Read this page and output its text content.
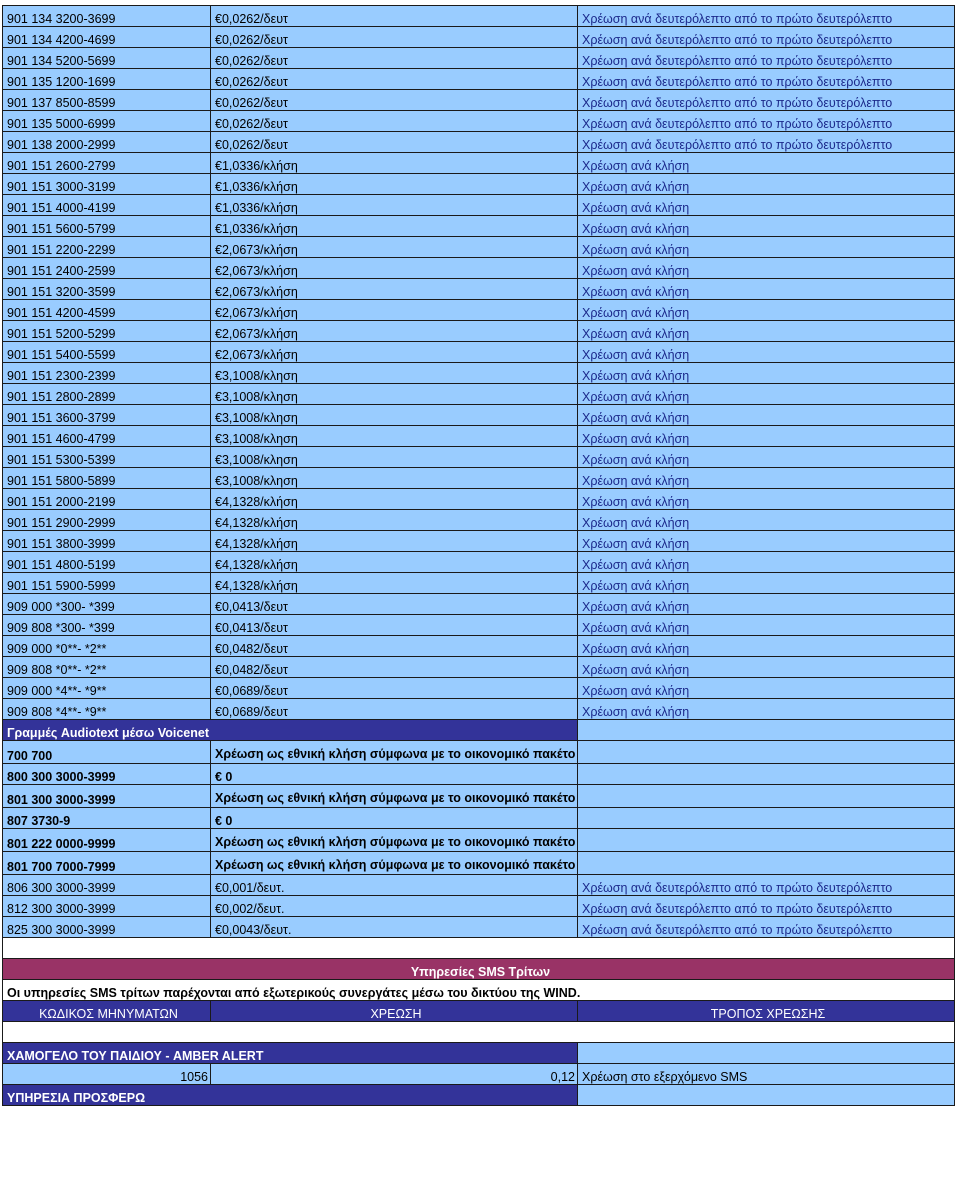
901 134 3200-3699	€0,0262/δευτ	Χρέωση ανά δευτερόλεπτο από το πρώτο δευτερόλεπτο
901 134 4200-4699	€0,0262/δευτ	Χρέωση ανά δευτερόλεπτο από το πρώτο δευτερόλεπτο
901 134 5200-5699	€0,0262/δευτ	Χρέωση ανά δευτερόλεπτο από το πρώτο δευτερόλεπτο
901 135 1200-1699	€0,0262/δευτ	Χρέωση ανά δευτερόλεπτο από το πρώτο δευτερόλεπτο
901 137 8500-8599	€0,0262/δευτ	Χρέωση ανά δευτερόλεπτο από το πρώτο δευτερόλεπτο
901 135 5000-6999	€0,0262/δευτ	Χρέωση ανά δευτερόλεπτο από το πρώτο δευτερόλεπτο
901 138 2000-2999	€0,0262/δευτ	Χρέωση ανά δευτερόλεπτο από το πρώτο δευτερόλεπτο
901 151 2600-2799	€1,0336/κλήση	Χρέωση ανά κλήση
901 151 3000-3199	€1,0336/κλήση	Χρέωση ανά κλήση
901 151 4000-4199	€1,0336/κλήση	Χρέωση ανά κλήση
901 151 5600-5799	€1,0336/κλήση	Χρέωση ανά κλήση
901 151 2200-2299	€2,0673/κλήση	Χρέωση ανά κλήση
901 151 2400-2599	€2,0673/κλήση	Χρέωση ανά κλήση
901 151 3200-3599	€2,0673/κλήση	Χρέωση ανά κλήση
901 151 4200-4599	€2,0673/κλήση	Χρέωση ανά κλήση
901 151 5200-5299	€2,0673/κλήση	Χρέωση ανά κλήση
901 151 5400-5599	€2,0673/κλήση	Χρέωση ανά κλήση
901 151 2300-2399	€3,1008/κληση	Χρέωση ανά κλήση
901 151 2800-2899	€3,1008/κληση	Χρέωση ανά κλήση
901 151 3600-3799	€3,1008/κληση	Χρέωση ανά κλήση
901 151 4600-4799	€3,1008/κληση	Χρέωση ανά κλήση
901 151 5300-5399	€3,1008/κληση	Χρέωση ανά κλήση
901 151 5800-5899	€3,1008/κληση	Χρέωση ανά κλήση
901 151 2000-2199	€4,1328/κλήση	Χρέωση ανά κλήση
901 151 2900-2999	€4,1328/κλήση	Χρέωση ανά κλήση
901 151 3800-3999	€4,1328/κλήση	Χρέωση ανά κλήση
901 151 4800-5199	€4,1328/κλήση	Χρέωση ανά κλήση
901 151 5900-5999	€4,1328/κλήση	Χρέωση ανά κλήση
909 000 *300- *399	€0,0413/δευτ	Χρέωση ανά κλήση
909 808 *300- *399	€0,0413/δευτ	Χρέωση ανά κλήση
909 000 *0**- *2**	€0,0482/δευτ	Χρέωση ανά κλήση
909 808 *0**- *2**	€0,0482/δευτ	Χρέωση ανά κλήση
909 000 *4**- *9**	€0,0689/δευτ	Χρέωση ανά κλήση
909 808 *4**- *9**	€0,0689/δευτ	Χρέωση ανά κλήση
Γραμμές Audiotext μέσω Voicenet		
700 700	Χρέωση ως εθνική κλήση σύμφωνα με το οικονομικό πακέτο	
800 300 3000-3999	€ 0	
801 300 3000-3999	Χρέωση ως εθνική κλήση σύμφωνα με το οικονομικό πακέτο	
807 3730-9	€ 0	
801 222 0000-9999	Χρέωση ως εθνική κλήση σύμφωνα με το οικονομικό πακέτο	
801 700 7000-7999	Χρέωση ως εθνική κλήση σύμφωνα με το οικονομικό πακέτο	
806 300 3000-3999	€0,001/δευτ.	Χρέωση ανά δευτερόλεπτο από το πρώτο δευτερόλεπτο
812 300 3000-3999	€0,002/δευτ.	Χρέωση ανά δευτερόλεπτο από το πρώτο δευτερόλεπτο
825 300 3000-3999	€0,0043/δευτ.	Χρέωση ανά δευτερόλεπτο από το πρώτο δευτερόλεπτο

Υπηρεσίες SMS Τρίτων		
Οι υπηρεσίες SMS τρίτων παρέχονται από εξωτερικούς συνεργάτες μέσω του δικτύου της WIND.		
ΚΩΔΙΚΟΣ ΜΗΝΥΜΑΤΩΝ	ΧΡΕΩΣΗ	ΤΡΟΠΟΣ ΧΡΕΩΣΗΣ

ΧΑΜΟΓΕΛΟ ΤΟΥ ΠΑΙΔΙΟΥ - AMBER ALERT		
1056	0,12	Χρέωση στο εξερχόμενο SMS
ΥΠΗΡΕΣΙΑ ΠΡΟΣΦΕΡΩ		
